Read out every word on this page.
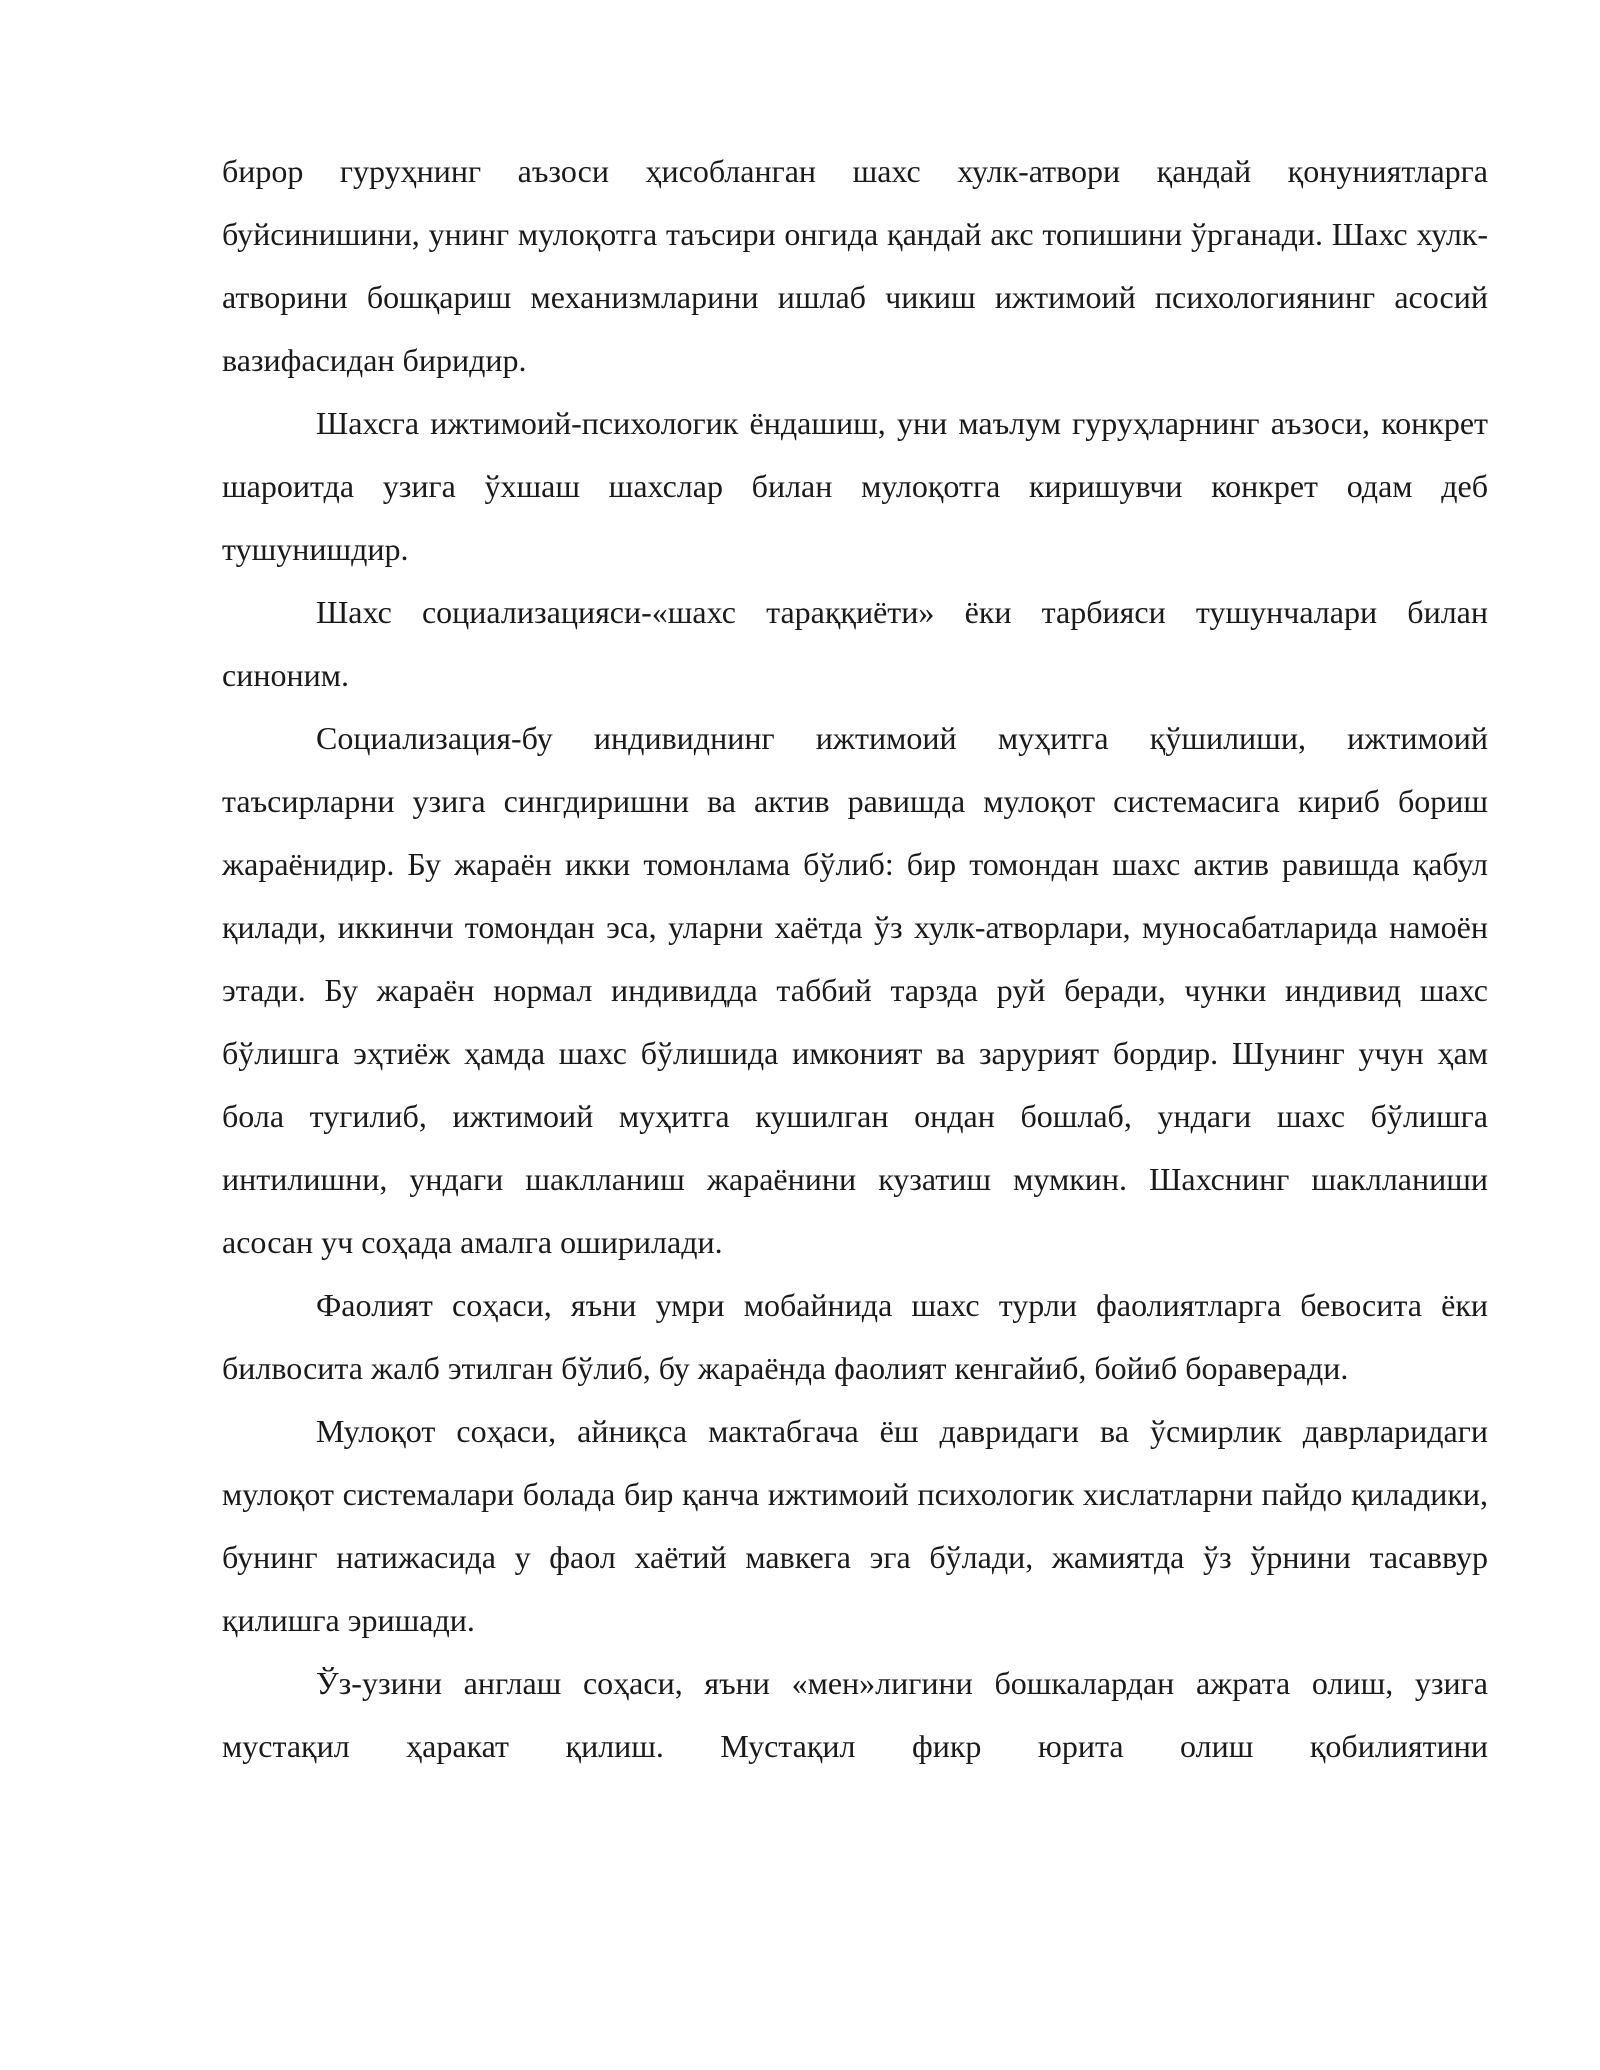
бирор гуруҳнинг аъзоси ҳисобланган шахс хулк-атвори қандай қонуниятларга буйсинишини, унинг мулоқотга таъсири онгида қандай акс топишини ўрганади. Шахс хулк-атворини бошқариш механизмларини ишлаб чикиш ижтимоий психологиянинг асосий вазифасидан биридир.

Шахсга ижтимоий-психологик ёндашиш, уни маълум гуруҳларнинг аъзоси, конкрет шароитда узига ўхшаш шахслар билан мулоқотга киришувчи конкрет одам деб тушунишдир.

Шахс социализацияси-«шахс тараққиёти» ёки тарбияси тушунчалари билан синоним.

Социализация-бу индивиднинг ижтимоий муҳитга қўшилиши, ижтимоий таъсирларни узига сингдиришни ва актив равишда мулоқот системасига кириб бориш жараёнидир. Бу жараён икки томонлама бўлиб: бир томондан шахс актив равишда қабул қилади, иккинчи томондан эса, уларни хаётда ўз хулк-атворлари, муносабатларида намоён этади. Бу жараён нормал индивидда таббий тарзда руй беради, чунки индивид шахс бўлишга эҳтиёж ҳамда шахс бўлишида имконият ва зарурият бордир. Шунинг учун ҳам бола тугилиб, ижтимоий муҳитга кушилган ондан бошлаб, ундаги шахс бўлишга интилишни, ундаги шаклланиш жараёнини кузатиш мумкин. Шахснинг шаклланиши асосан уч соҳада амалга оширилади.

Фаолият соҳаси, яъни умри мобайнида шахс турли фаолиятларга бевосита ёки билвосита жалб этилган бўлиб, бу жараёнда фаолият кенгайиб, бойиб бораверади.

Мулоқот соҳаси, айниқса мактабгача ёш давридаги ва ўсмирлик даврларидаги мулоқот системалари болада бир қанча ижтимоий психологик хислатларни пайдо қиладики, бунинг натижасида у фаол хаётий мавкега эга бўлади, жамиятда ўз ўрнини тасаввур қилишга эришади.

Ўз-узини англаш соҳаси, яъни «мен»лигини бошкалардан ажрата олиш, узига мустақил ҳаракат қилиш. Мустақил фикр юрита олиш қобилиятини
